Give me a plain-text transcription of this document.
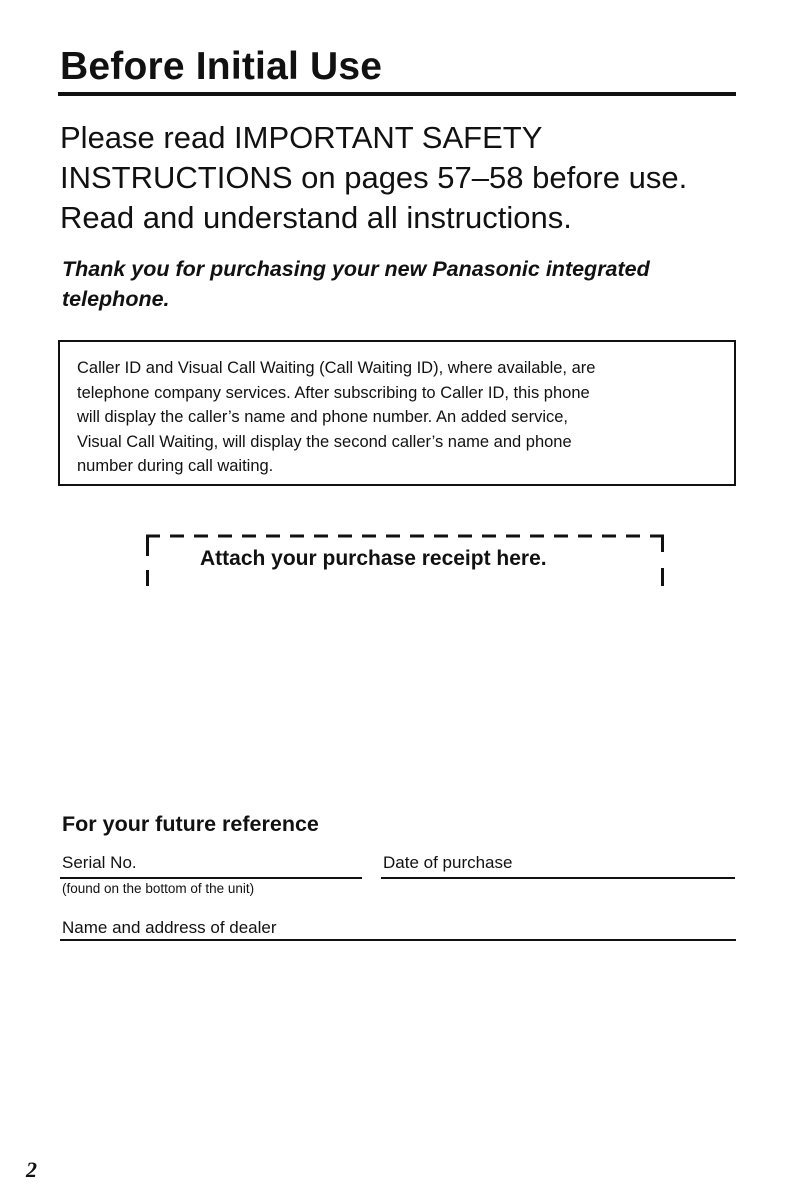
Before Initial Use
Please read IMPORTANT SAFETY
INSTRUCTIONS on pages 57–58 before use.
Read and understand all instructions.
Thank you for purchasing your new Panasonic integrated
telephone.
Caller ID and Visual Call Waiting (Call Waiting ID), where available, are
telephone company services. After subscribing to Caller ID, this phone
will display the caller’s name and phone number. An added service,
Visual Call Waiting, will display the second caller’s name and phone
number during call waiting.
Attach your purchase receipt here.
For your future reference
Serial No.	Date of purchase
(found on the bottom of the unit)
Name and address of dealer
2
